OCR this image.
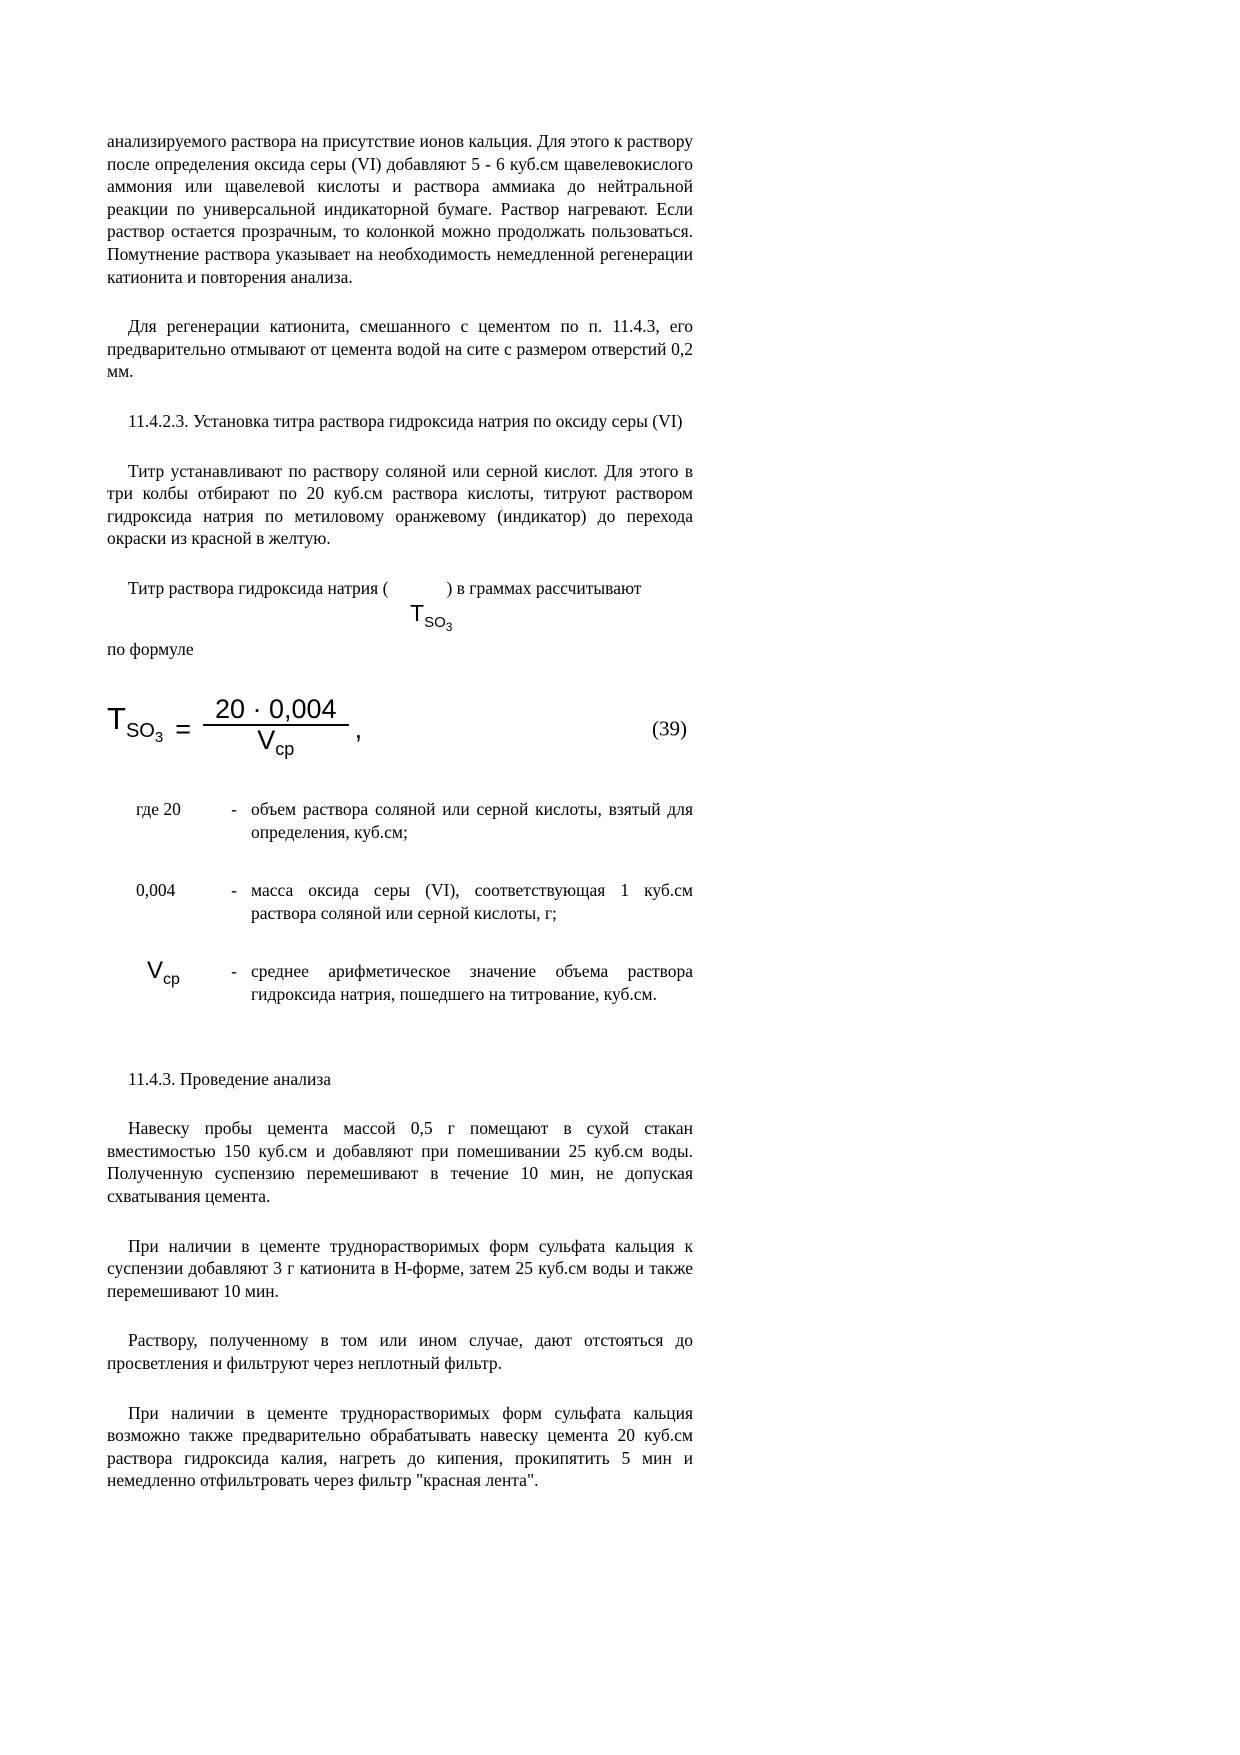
анализируемого раствора на присутствие ионов кальция. Для этого к раствору после определения оксида серы (VI) добавляют 5 - 6 куб.см щавелевокислого аммония или щавелевой кислоты и раствора аммиака до нейтральной реакции по универсальной индикаторной бумаге. Раствор нагревают. Если раствор остается прозрачным, то колонкой можно продолжать пользоваться. Помутнение раствора указывает на необходимость немедленной регенерации катионита и повторения анализа.

Для регенерации катионита, смешанного с цементом по п. 11.4.3, его предварительно отмывают от цемента водой на сите с размером отверстий 0,2 мм.

11.4.2.3. Установка титра раствора гидроксида натрия по оксиду серы (VI)

Титр устанавливают по раствору соляной или серной кислот. Для этого в три колбы отбирают по 20 куб.см раствора кислоты, титруют раствором гидроксида натрия по метиловому оранжевому (индикатор) до перехода окраски из красной в желтую.

Титр раствора гидроксида натрия (	) в граммах рассчитывают

$TSO_3$

по формуле

$TSO3 = \frac{20 \cdot 0,004}{\text{Vср}}$ ,	(39)
где 20	- объем раствора соляной или серной кислоты, взятый для определения, куб.см;
0,004	- масса оксида серы (VI), соответствующая 1 куб.см раствора соляной или серной кислоты, г;
Vср	- среднее арифметическое значение объема раствора гидроксида натрия, пошедшего на титрование, куб.см.

11.4.3. Проведение анализа

Навеску пробы цемента массой 0,5 г помещают в сухой стакан вместимостью 150 куб.см и добавляют при помешивании 25 куб.см воды. Полученную суспензию перемешивают в течение 10 мин, не допуская схватывания цемента.

При наличии в цементе труднорастворимых форм сульфата кальция к суспензии добавляют 3 г катионита в Н-форме, затем 25 куб.см воды и также перемешивают 10 мин.

Раствору, полученному в том или ином случае, дают отстояться до просветления и фильтруют через неплотный фильтр.

При наличии в цементе труднорастворимых форм сульфата кальция возможно также предварительно обрабатывать навеску цемента 20 куб.см раствора гидроксида калия, нагреть до кипения, прокипятить 5 мин и немедленно отфильтровать через фильтр "красная лента".
